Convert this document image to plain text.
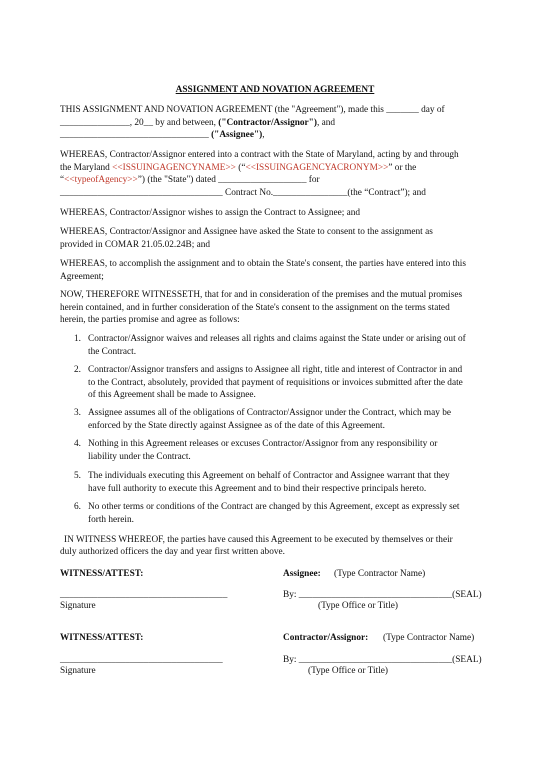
ASSIGNMENT AND NOVATION AGREEMENT
THIS ASSIGNMENT AND NOVATION AGREEMENT (the "Agreement"), made this _______ day of
_______________, 20__ by and between, ("Contractor/Assignor"), and
________________________________ ("Assignee"),
WHEREAS, Contractor/Assignor entered into a contract with the State of Maryland, acting by and through
the Maryland <<ISSUINGAGENCYNAME>> (“<<ISSUINGAGENCYACRONYM>>” or the
“<<typeofAgency>>”) (the "State") dated ___________________ for
___________________________________ Contract No.________________(the “Contract”); and
WHEREAS, Contractor/Assignor wishes to assign the Contract to Assignee; and
WHEREAS, Contractor/Assignor and Assignee have asked the State to consent to the assignment as
provided in COMAR 21.05.02.24B; and
WHEREAS, to accomplish the assignment and to obtain the State's consent, the parties have entered into this
Agreement;
NOW, THEREFORE WITNESSETH, that for and in consideration of the premises and the mutual promises
herein contained, and in further consideration of the State's consent to the assignment on the terms stated
herein, the parties promise and agree as follows:
1. Contractor/Assignor waives and releases all rights and claims against the State under or arising out of
the Contract.
2. Contractor/Assignor transfers and assigns to Assignee all right, title and interest of Contractor in and
to the Contract, absolutely, provided that payment of requisitions or invoices submitted after the date
of this Agreement shall be made to Assignee.
3. Assignee assumes all of the obligations of Contractor/Assignor under the Contract, which may be
enforced by the State directly against Assignee as of the date of this Agreement.
4. Nothing in this Agreement releases or excuses Contractor/Assignor from any responsibility or
liability under the Contract.
5. The individuals executing this Agreement on behalf of Contractor and Assignee warrant that they
have full authority to execute this Agreement and to bind their respective principals hereto.
6. No other terms or conditions of the Contract are changed by this Agreement, except as expressly set
forth herein.
IN WITNESS WHEREOF, the parties have caused this Agreement to be executed by themselves or their
duly authorized officers the day and year first written above.
WITNESS/ATTEST:	Assignee: (Type Contractor Name)
____________________________________	By: _________________________________(SEAL)
Signature	(Type Office or Title)
WITNESS/ATTEST:	Contractor/Assignor: (Type Contractor Name)
___________________________________	By: _________________________________(SEAL)
Signature	(Type Office or Title)
